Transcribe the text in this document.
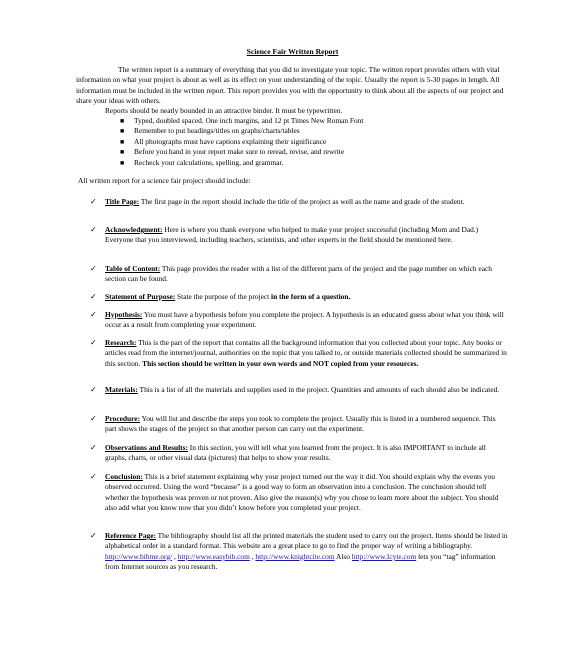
Science Fair Written Report

The written report is a summary of everything that you did to investigate your topic. The written report provides others with vital information on what your project is about as well as its effect on your understanding of the topic. Usually the report is 5-30 pages in length. All information must be included in the written report. This report provides you with the opportunity to think about all the aspects of our project and share your ideas with others.

Reports should be neatly bounded in an attractive binder. It must be typewritten.
■ Typed, doubled spaced. One inch margins, and 12 pt Times New Roman Font
■ Remember to put headings/titles on graphs/charts/tables
■ All photographs must have captions explaining their significance
■ Before you hand in your report make sure to reread, revise, and rewrite
■ Recheck your calculations, spelling, and grammar.
All written report for a science fair project should include:
✓ Title Page: The first page in the report should include the title of the project as well as the name and grade of the student.
✓ Acknowledgment: Here is where you thank everyone who helped to make your project successful (including Mom and Dad.) Everyone that you interviewed, including teachers, scientists, and other experts in the field should be mentioned here.
✓ Table of Content: This page provides the reader with a list of the different parts of the project and the page number on which each section can be found.
✓ Statement of Purpose: State the purpose of the project in the form of a question.
✓ Hypothesis: You must have a hypothesis before you complete the project. A hypothesis is an educated guess about what you think will occur as a result from completing your experiment.
✓ Research: This is the part of the report that contains all the background information that you collected about your topic. Any books or articles read from the internet/journal, authorities on the topic that you talked to, or outside materials collected should be summarized in this section. This section should be written in your own words and NOT copied from your resources.
✓ Materials: This is a list of all the materials and supplies used in the project. Quantities and amounts of each should also be indicated.
✓ Procedure: You will list and describe the steps you took to complete the project. Usually this is listed in a numbered sequence. This part shows the stages of the project so that another person can carry out the experiment.
✓ Observations and Results: In this section, you will tell what you learned from the project. It is also IMPORTANT to include all graphs, charts, or other visual data (pictures) that helps to show your results.
✓ Conclusion: This is a brief statement explaining why your project turned out the way it did. You should explain why the events you observed occurred. Using the word “because” is a good way to form an observation into a conclusion. The conclusion should tell whether the hypothesis was proven or not proven. Also give the reason(s) why you chose to learn more about the subject. You should also add what you know now that you didn’t know before you completed your project.
✓ Reference Page: The bibliography should list all the printed materials the student used to carry out the project. Items should be listed in alphabetical order in a standard format. This website are a great place to go to find the proper way of writing a bibliography. http://www.bibme.org/ , http://www.easybib.com , http://www.knightcite.com Also http://www.Icyte.com lets you “tag” information from Internet sources as you research.
